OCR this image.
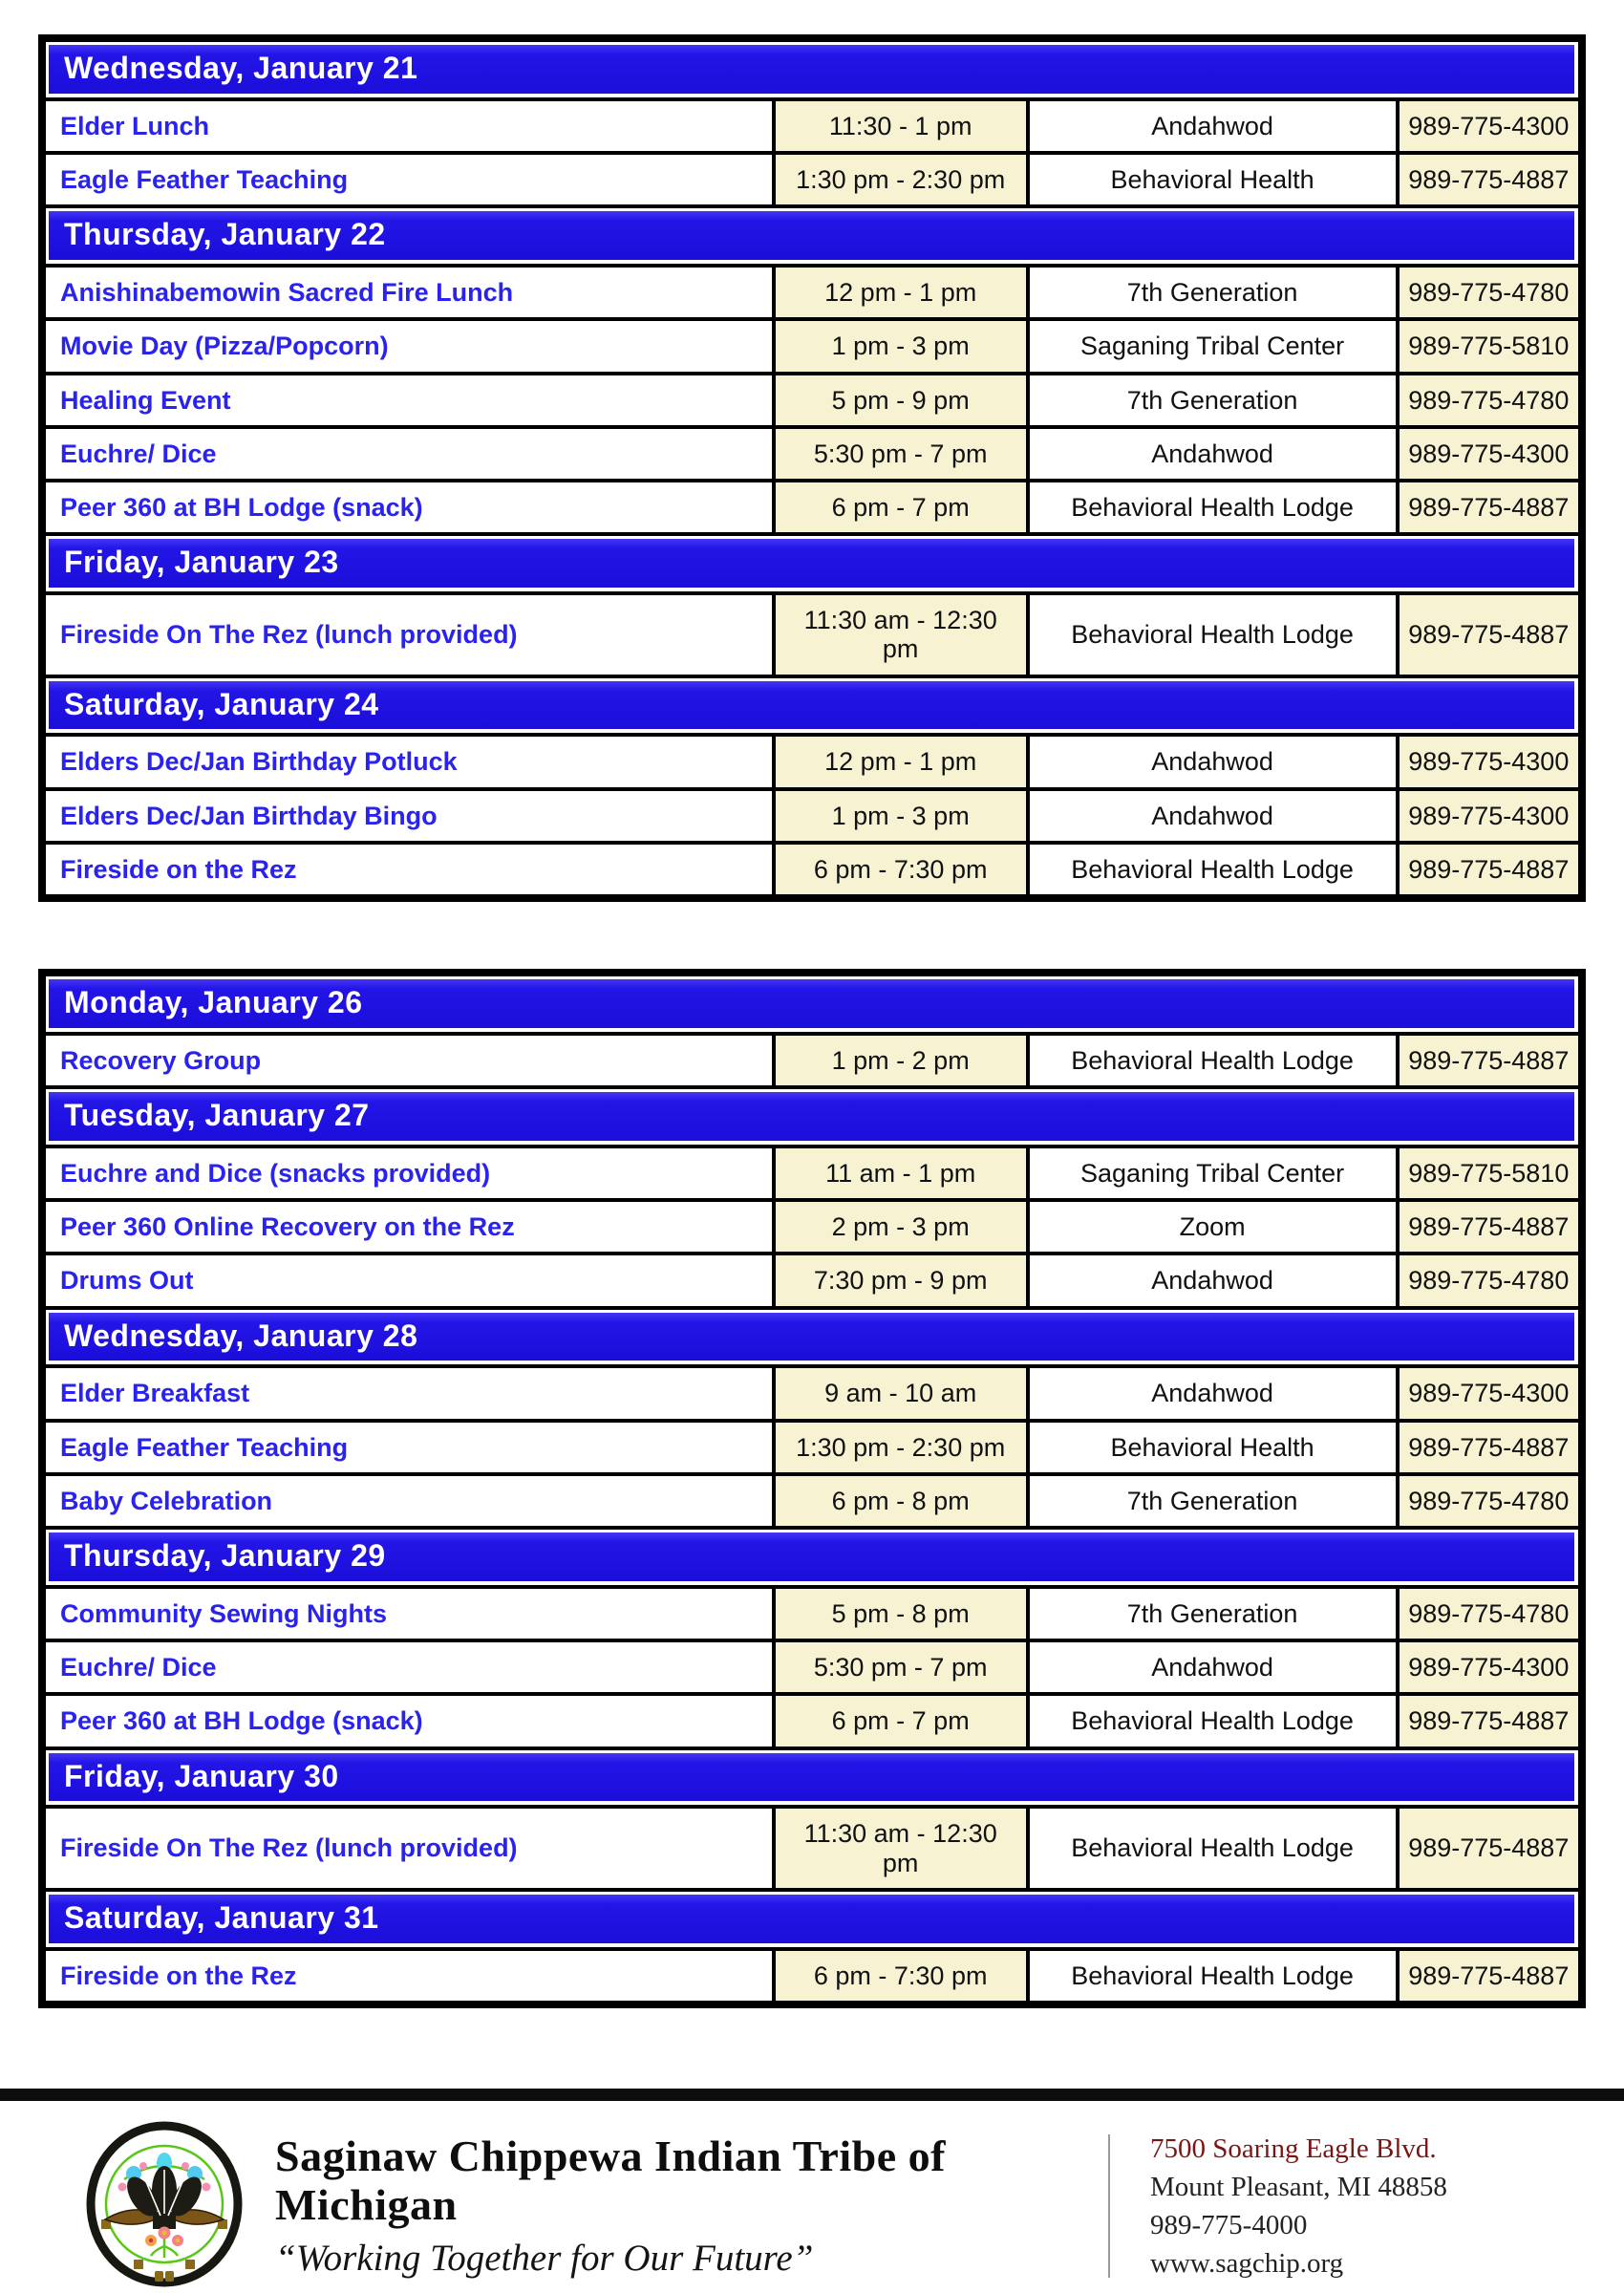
Wednesday, January 21			

Elder Lunch	11:30 - 1 pm	Andahwod	989-775-4300
Eagle Feather Teaching	1:30 pm - 2:30 pm	Behavioral Health	989-775-4887

Thursday, January 22			

Anishinabemowin Sacred Fire Lunch	12 pm - 1 pm	7th Generation	989-775-4780
Movie Day (Pizza/Popcorn)	1 pm - 3 pm	Saganing Tribal Center	989-775-5810
Healing Event	5 pm - 9 pm	7th Generation	989-775-4780
Euchre/ Dice	5:30 pm - 7 pm	Andahwod	989-775-4300
Peer 360 at BH Lodge (snack)	6 pm - 7 pm	Behavioral Health Lodge	989-775-4887

Friday, January 23			

Fireside On The Rez (lunch provided)	11:30 am - 12:30 pm	Behavioral Health Lodge	989-775-4887

Saturday, January 24			

Elders Dec/Jan Birthday Potluck	12 pm - 1 pm	Andahwod	989-775-4300
Elders Dec/Jan Birthday Bingo	1 pm - 3 pm	Andahwod	989-775-4300
Fireside on the Rez	6 pm - 7:30 pm	Behavioral Health Lodge	989-775-4887
Monday, January 26			

Recovery Group	1 pm - 2 pm	Behavioral Health Lodge	989-775-4887

Tuesday, January 27			

Euchre and Dice (snacks provided)	11 am - 1 pm	Saganing Tribal Center	989-775-5810
Peer 360 Online Recovery on the Rez	2 pm - 3 pm	Zoom	989-775-4887
Drums Out	7:30 pm - 9 pm	Andahwod	989-775-4780

Wednesday, January 28			

Elder Breakfast	9 am - 10 am	Andahwod	989-775-4300
Eagle Feather Teaching	1:30 pm - 2:30 pm	Behavioral Health	989-775-4887
Baby Celebration	6 pm - 8 pm	7th Generation	989-775-4780

Thursday, January 29			

Community Sewing Nights	5 pm - 8 pm	7th Generation	989-775-4780
Euchre/ Dice	5:30 pm - 7 pm	Andahwod	989-775-4300
Peer 360 at BH Lodge (snack)	6 pm - 7 pm	Behavioral Health Lodge	989-775-4887

Friday, January 30			

Fireside On The Rez (lunch provided)	11:30 am - 12:30 pm	Behavioral Health Lodge	989-775-4887

Saturday, January 31			

Fireside on the Rez	6 pm - 7:30 pm	Behavioral Health Lodge	989-775-4887
Saginaw Chippewa Indian Tribe of Michigan
“Working Together for Our Future”
7500 Soaring Eagle Blvd.
Mount Pleasant, MI 48858
989-775-4000
www.sagchip.org
